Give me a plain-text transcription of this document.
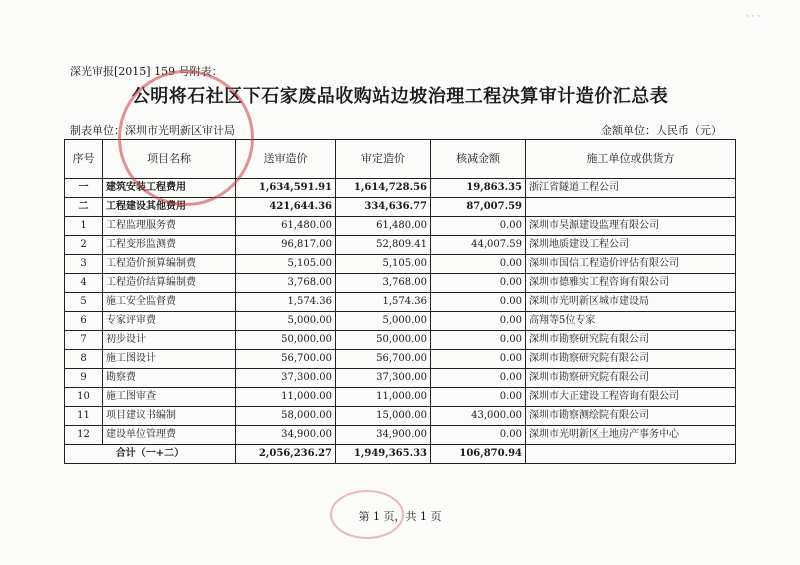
· · ·
深光审报[2015] 159 号附表：
公明将石社区下石家废品收购站边坡治理工程决算审计造价汇总表
制表单位：深圳市光明新区审计局	金额单位：人民币（元）
序号	项目名称	送审造价	审定造价	核减金额	施工单位或供货方
一	建筑安装工程费用	1,634,591.91	1,614,728.56	19,863.35	浙江省隧道工程公司
二	工程建设其他费用	421,644.36	334,636.77	87,007.59	
1	工程监理服务费	61,480.00	61,480.00	0.00	深圳市昊源建设监理有限公司
2	工程变形监测费	96,817.00	52,809.41	44,007.59	深圳地质建设工程公司
3	工程造价预算编制费	5,105.00	5,105.00	0.00	深圳市国信工程造价评估有限公司
4	工程造价结算编制费	3,768.00	3,768.00	0.00	深圳市德雅实工程咨询有限公司
5	施工安全监督费	1,574.36	1,574.36	0.00	深圳市光明新区城市建设局
6	专家评审费	5,000.00	5,000.00	0.00	高翔等5位专家
7	初步设计	50,000.00	50,000.00	0.00	深圳市勘察研究院有限公司
8	施工图设计	56,700.00	56,700.00	0.00	深圳市勘察研究院有限公司
9	勘察费	37,300.00	37,300.00	0.00	深圳市勘察研究院有限公司
10	施工图审查	11,000.00	11,000.00	0.00	深圳市大正建设工程咨询有限公司
11	项目建议书编制	58,000.00	15,000.00	43,000.00	深圳市勘察测绘院有限公司
12	建设单位管理费	34,900.00	34,900.00	0.00	深圳市光明新区土地房产事务中心
合计（一+二）		2,056,236.27	1,949,365.33	106,870.94	
第 1 页，共 1 页
